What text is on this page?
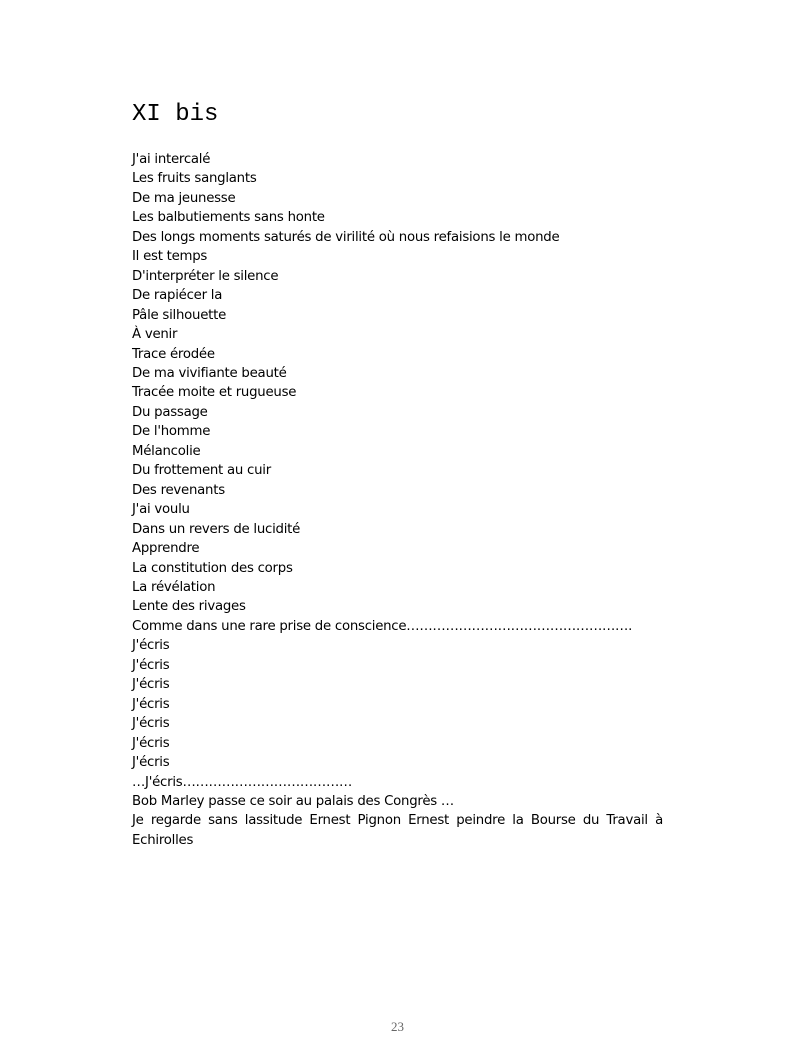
XI bis
J'ai intercalé
Les fruits sanglants
De ma jeunesse
Les balbutiements sans honte
Des longs moments saturés de virilité où nous refaisions le monde
Il est temps
D'interpréter le silence
De rapiécer la
Pâle silhouette
À venir
Trace érodée
De ma vivifiante beauté
Tracée moite et rugueuse
Du passage
De l'homme
Mélancolie
Du frottement au cuir
Des revenants
J'ai voulu
Dans un revers de lucidité
Apprendre
La constitution des corps
La révélation
Lente des rivages
Comme dans une rare prise de conscience…………………………………………….
J'écris
J'écris
J'écris
J'écris
J'écris
J'écris
J'écris
…J'écris…………………………………
Bob Marley passe ce soir au palais des Congrès …
Je regarde sans lassitude Ernest Pignon Ernest peindre la Bourse du Travail à Echirolles
23
